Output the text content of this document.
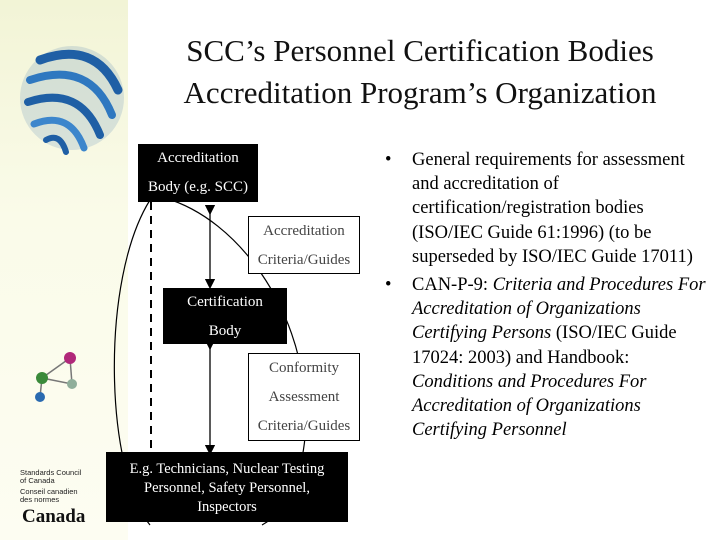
SCC’s Personnel Certification Bodies
Accreditation Program’s Organization
Accreditation
Body (e.g. SCC)
Accreditation
Criteria/Guides
Certification
Body
Conformity
Assessment
Criteria/Guides
E.g. Technicians, Nuclear Testing
Personnel, Safety Personnel,
Inspectors
• General requirements for assessment and accreditation of certification/registration bodies (ISO/IEC Guide 61:1996) (to be superseded by ISO/IEC Guide 17011)
• CAN-P-9: Criteria and Procedures For Accreditation of Organizations Certifying Persons (ISO/IEC Guide 17024: 2003) and Handbook: Conditions and Procedures For Accreditation of Organizations Certifying Personnel
Standards Council
of Canada
Conseil canadien
des normes
Canada
